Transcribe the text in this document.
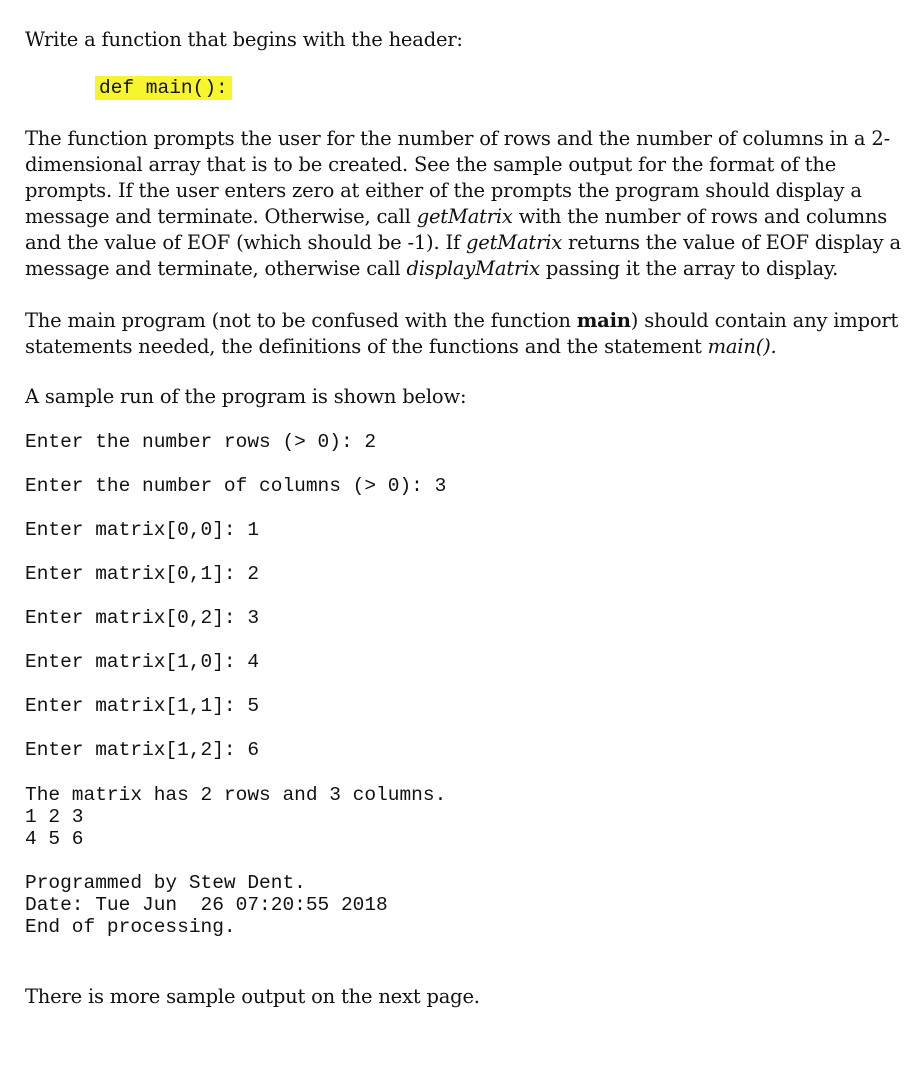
Write a function that begins with the header:
def main():

The function prompts the user for the number of rows and the number of columns in a 2-dimensional array that is to be created. See the sample output for the format of the prompts. If the user enters zero at either of the prompts the program should display a message and terminate. Otherwise, call getMatrix with the number of rows and columns and the value of EOF (which should be -1). If getMatrix returns the value of EOF display a message and terminate, otherwise call displayMatrix passing it the array to display.

The main program (not to be confused with the function main) should contain any import statements needed, the definitions of the functions and the statement main().

A sample run of the program is shown below:
Enter the number rows (> 0): 2
Enter the number of columns (> 0): 3
Enter matrix[0,0]: 1
Enter matrix[0,1]: 2
Enter matrix[0,2]: 3
Enter matrix[1,0]: 4
Enter matrix[1,1]: 5
Enter matrix[1,2]: 6
The matrix has 2 rows and 3 columns.
1 2 3
4 5 6
Programmed by Stew Dent.
Date: Tue Jun  26 07:20:55 2018
End of processing.
There is more sample output on the next page.
